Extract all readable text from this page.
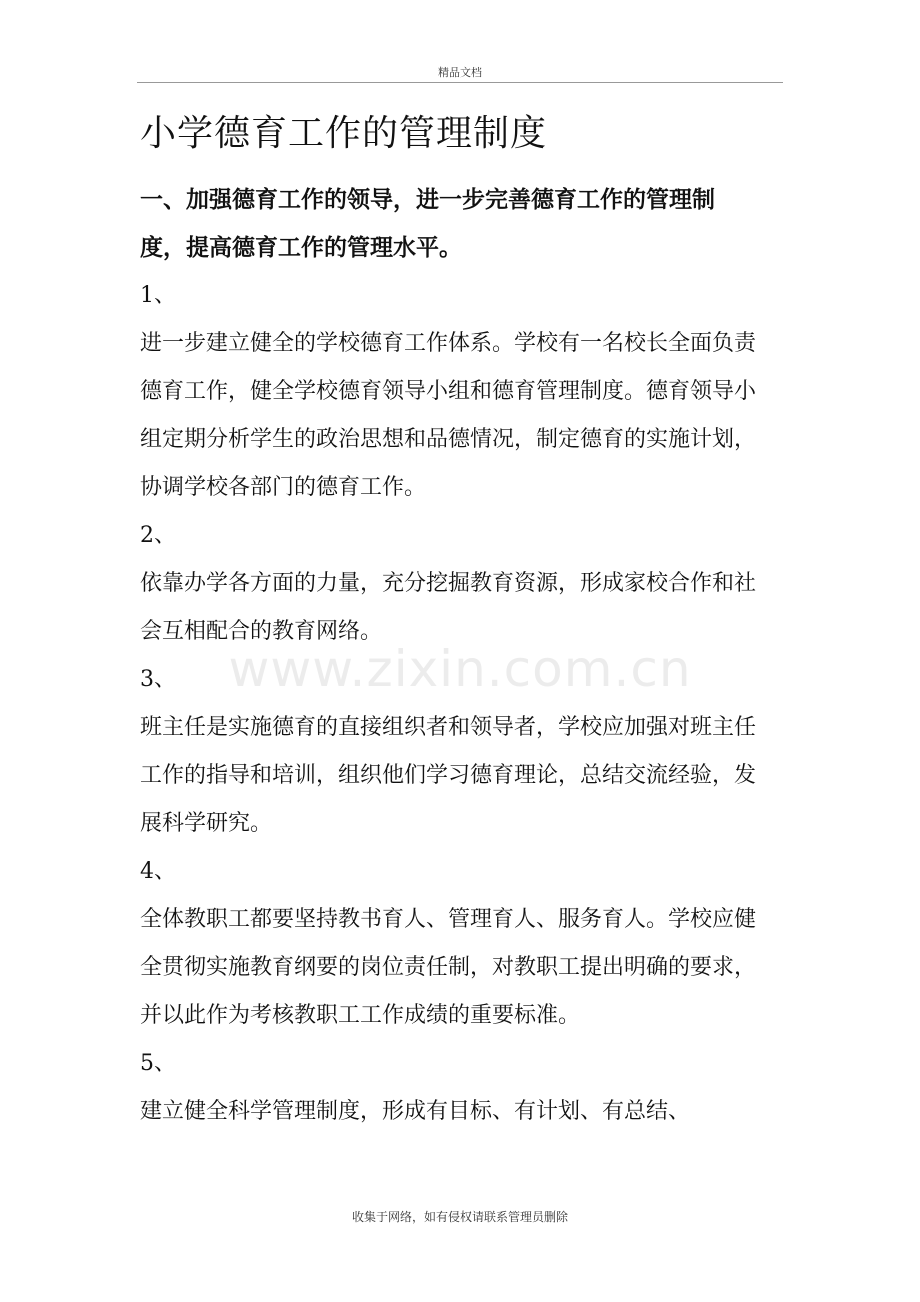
精品文档
小学德育工作的管理制度

一、加强德育工作的领导，进一步完善德育工作的管理制度，提高德育工作的管理水平。

1、

进一步建立健全的学校德育工作体系。学校有一名校长全面负责德育工作，健全学校德育领导小组和德育管理制度。德育领导小组定期分析学生的政治思想和品德情况，制定德育的实施计划，协调学校各部门的德育工作。

2、

依靠办学各方面的力量，充分挖掘教育资源，形成家校合作和社会互相配合的教育网络。

3、

班主任是实施德育的直接组织者和领导者，学校应加强对班主任工作的指导和培训，组织他们学习德育理论，总结交流经验，发展科学研究。

4、

全体教职工都要坚持教书育人、管理育人、服务育人。学校应健全贯彻实施教育纲要的岗位责任制，对教职工提出明确的要求，并以此作为考核教职工工作成绩的重要标准。

5、

建立健全科学管理制度，形成有目标、有计划、有总结、

www.zixin.com.cn
收集于网络，如有侵权请联系管理员删除
